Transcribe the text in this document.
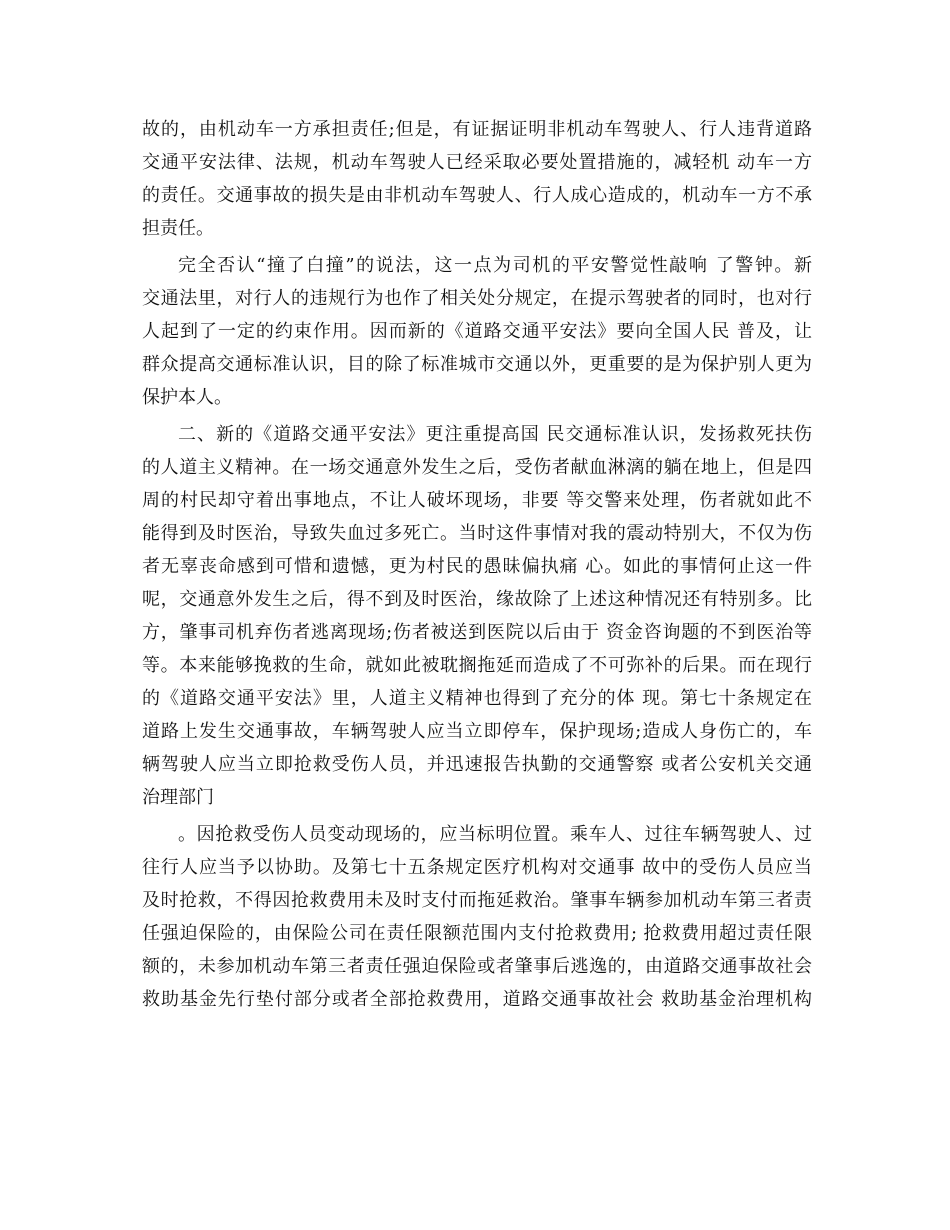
故的，由机动车一方承担责任;但是，有证据证明非机动车驾驶人、行人违背道路
交通平安法律、法规，机动车驾驶人已经采取必要处置措施的，减轻机 动车一方
的责任。交通事故的损失是由非机动车驾驶人、行人成心造成的，机动车一方不承
担责任。
完全否认“撞了白撞”的说法，这一点为司机的平安警觉性敲响 了警钟。新
交通法里，对行人的违规行为也作了相关处分规定，在提示驾驶者的同时，也对行
人起到了一定的约束作用。因而新的《道路交通平安法》要向全国人民 普及，让
群众提高交通标准认识，目的除了标准城市交通以外，更重要的是为保护别人更为
保护本人。
二、新的《道路交通平安法》更注重提高国 民交通标准认识，发扬救死扶伤
的人道主义精神。在一场交通意外发生之后，受伤者献血淋漓的躺在地上，但是四
周的村民却守着出事地点，不让人破坏现场，非要 等交警来处理，伤者就如此不
能得到及时医治，导致失血过多死亡。当时这件事情对我的震动特别大，不仅为伤
者无辜丧命感到可惜和遗憾，更为村民的愚昧偏执痛 心。如此的事情何止这一件
呢，交通意外发生之后，得不到及时医治，缘故除了上述这种情况还有特别多。比
方，肇事司机弃伤者逃离现场;伤者被送到医院以后由于 资金咨询题的不到医治等
等。本来能够挽救的生命，就如此被耽搁拖延而造成了不可弥补的后果。而在现行
的《道路交通平安法》里，人道主义精神也得到了充分的体 现。第七十条规定在
道路上发生交通事故，车辆驾驶人应当立即停车，保护现场;造成人身伤亡的，车
辆驾驶人应当立即抢救受伤人员，并迅速报告执勤的交通警察 或者公安机关交通
治理部门
。因抢救受伤人员变动现场的，应当标明位置。乘车人、过往车辆驾驶人、过
往行人应当予以协助。及第七十五条规定医疗机构对交通事 故中的受伤人员应当
及时抢救，不得因抢救费用未及时支付而拖延救治。肇事车辆参加机动车第三者责
任强迫保险的，由保险公司在责任限额范围内支付抢救费用; 抢救费用超过责任限
额的，未参加机动车第三者责任强迫保险或者肇事后逃逸的，由道路交通事故社会
救助基金先行垫付部分或者全部抢救费用，道路交通事故社会 救助基金治理机构
